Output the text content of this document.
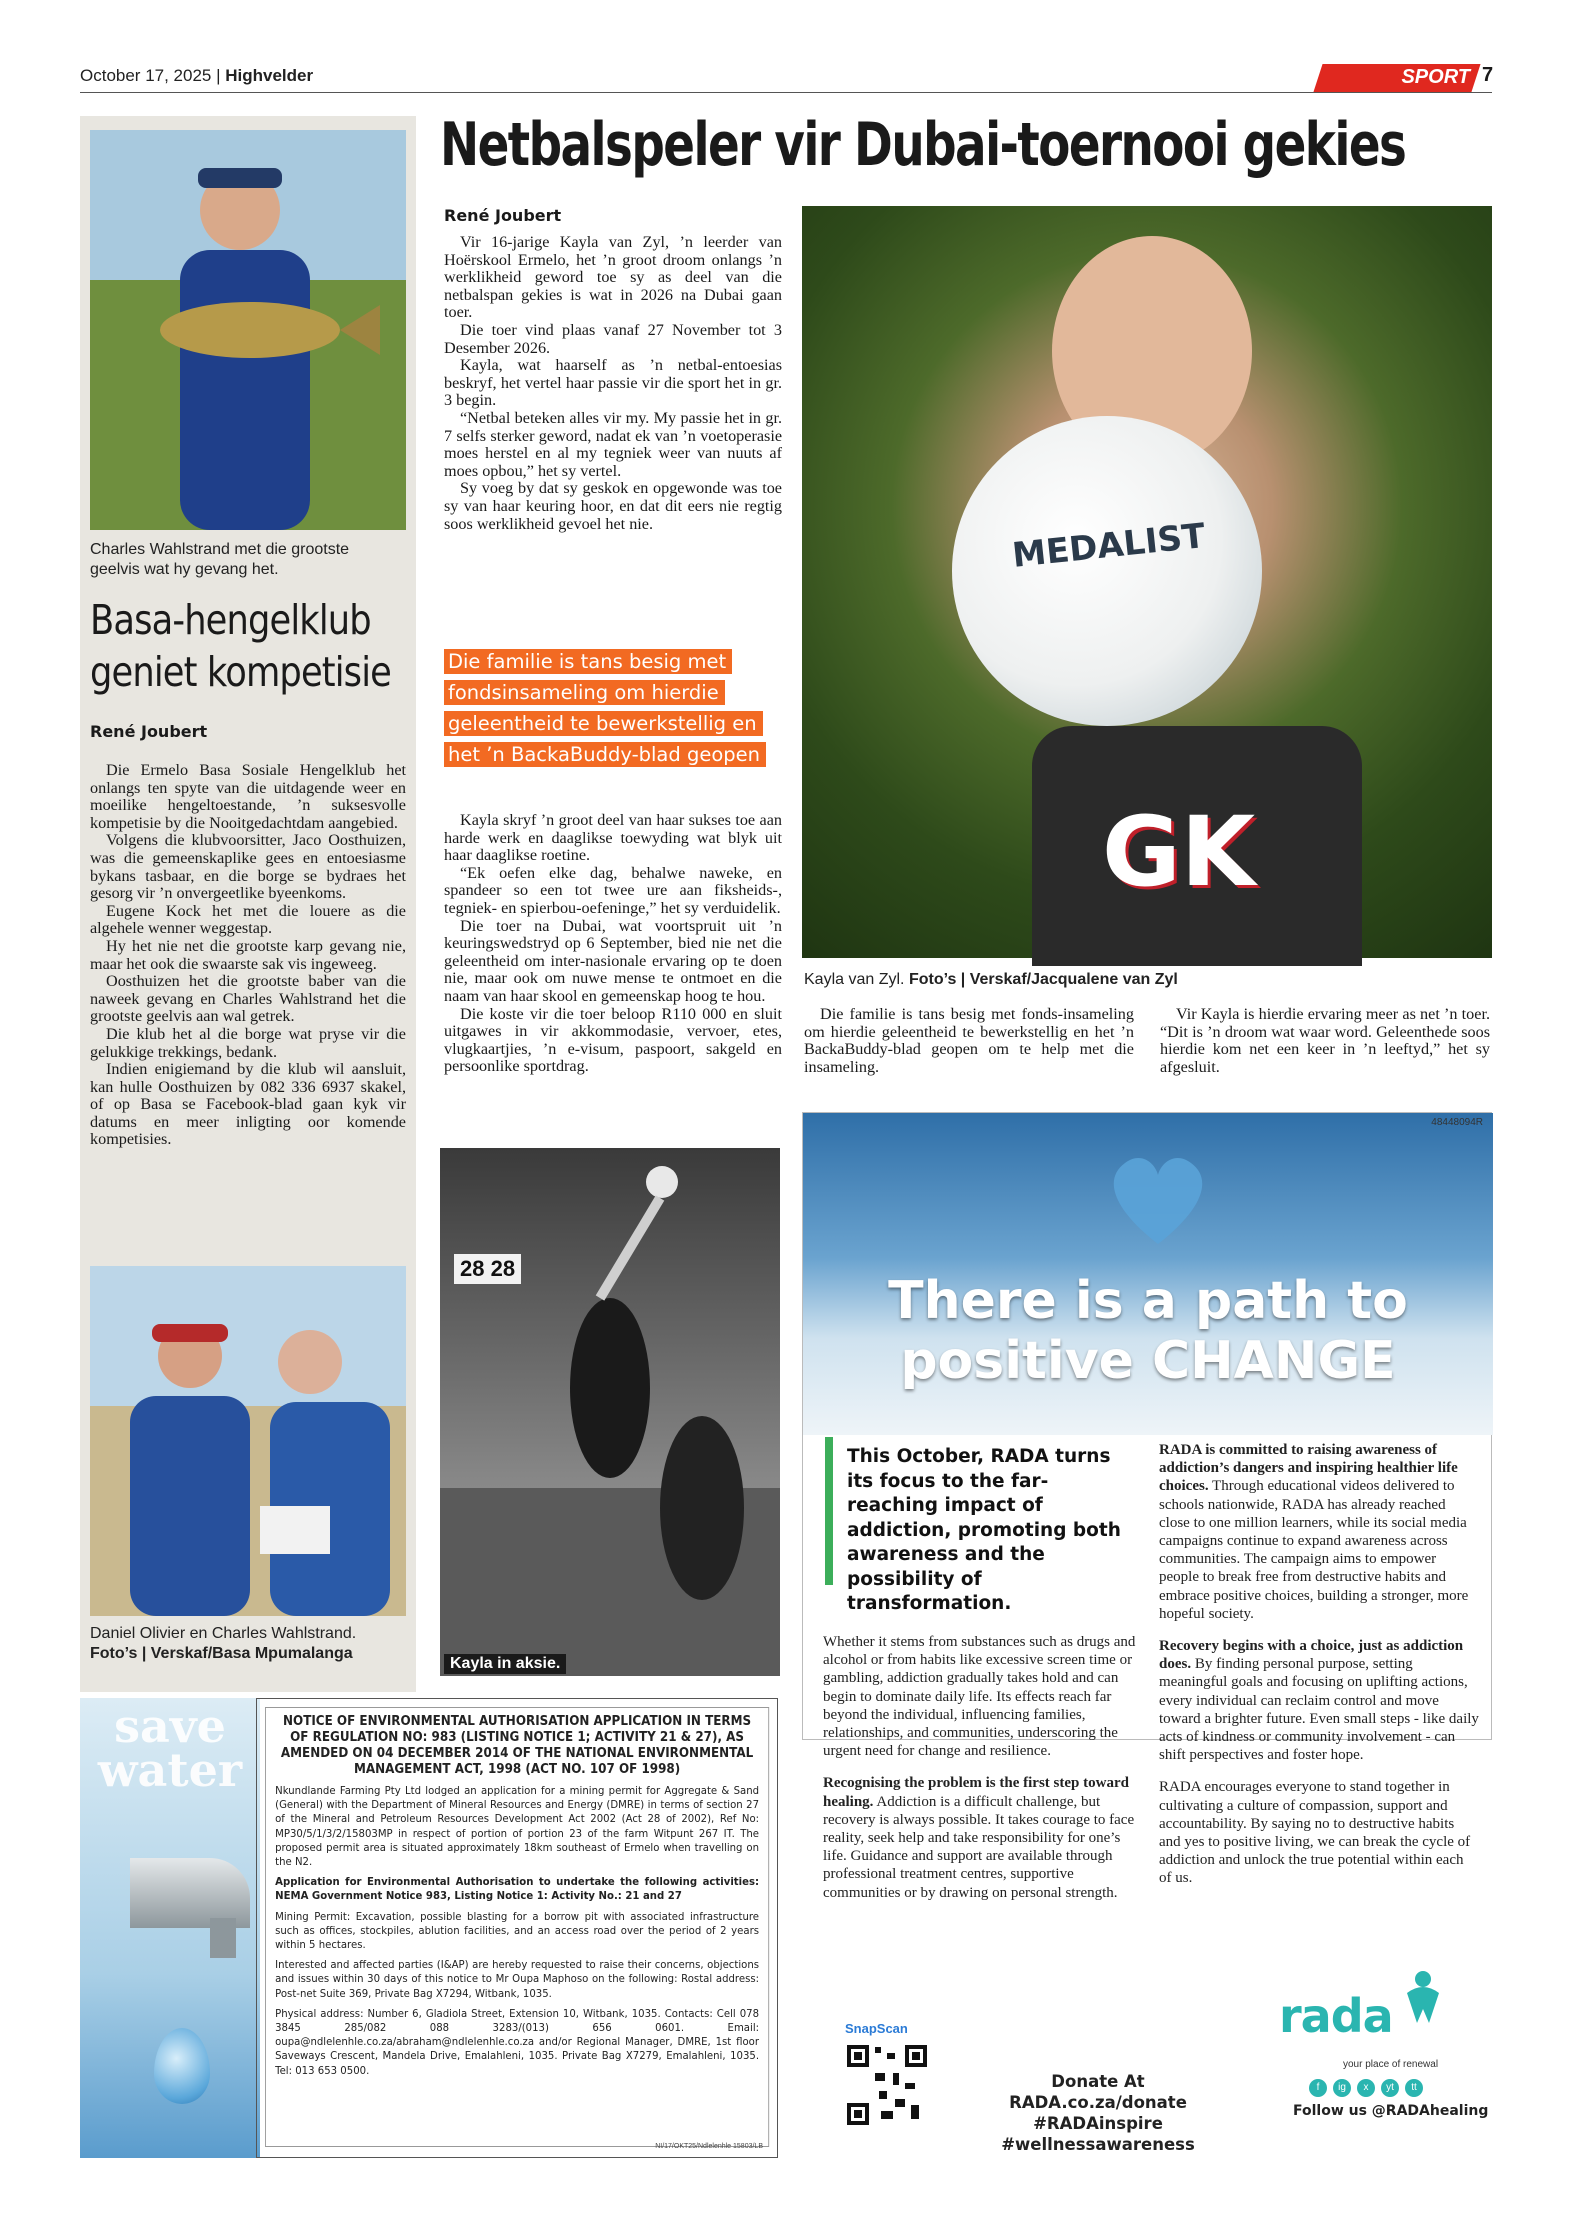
October 17, 2025 | Highvelder	SPORT 7
Charles Wahlstrand met die grootste geelvis wat hy gevang het.
Basa-hengelklub geniet kompetisie
René Joubert

Die Ermelo Basa Sosiale Hengelklub het onlangs ten spyte van die uitdagende weer en moeilike hengeltoestande, ’n suksesvolle kompetisie by die Nooitgedachtdam aangebied.

Volgens die klubvoorsitter, Jaco Oosthuizen, was die gemeenskaplike gees en entoesiasme bykans tasbaar, en die borge se bydraes het gesorg vir ’n onvergeetlike byeenkoms.

Eugene Kock het met die louere as die algehele wenner weggestap.

Hy het nie net die grootste karp gevang nie, maar het ook die swaarste sak vis ingeweeg.

Oosthuizen het die grootste baber van die naweek gevang en Charles Wahlstrand het die grootste geelvis aan wal getrek.

Die klub het al die borge wat pryse vir die gelukkige trekkings, bedank.

Indien enigiemand by die klub wil aansluit, kan hulle Oosthuizen by 082 336 6937 skakel, of op Basa se Facebook-blad gaan kyk vir datums en meer inligting oor komende kompetisies.

Daniel Olivier en Charles Wahlstrand.
Foto’s | Verskaf/Basa Mpumalanga
Netbalspeler vir Dubai-toernooi gekies
René Joubert

Vir 16-jarige Kayla van Zyl, ’n leerder van Hoërskool Ermelo, het ’n groot droom onlangs ’n werklikheid geword toe sy as deel van die netbalspan gekies is wat in 2026 na Dubai gaan toer.

Die toer vind plaas vanaf 27 November tot 3 Desember 2026.

Kayla, wat haarself as ’n netbal-entoesias beskryf, het vertel haar passie vir die sport het in gr. 3 begin.

“Netbal beteken alles vir my. My passie het in gr. 7 selfs sterker geword, nadat ek van ’n voetoperasie moes herstel en al my tegniek weer van nuuts af moes opbou,” het sy vertel.

Sy voeg by dat sy geskok en opgewonde was toe sy van haar keuring hoor, en dat dit eers nie regtig soos werklikheid gevoel het nie.

Die familie is tans besig met fondsinsameling om hierdie geleentheid te bewerkstellig en het ’n BackaBuddy-blad geopen

Kayla skryf ’n groot deel van haar sukses toe aan harde werk en daaglikse toewyding wat blyk uit haar daaglikse roetine.

“Ek oefen elke dag, behalwe naweke, en spandeer so een tot twee ure aan fiksheids-, tegniek- en spierbou-oefeninge,” het sy verduidelik.

Die toer na Dubai, wat voortspruit uit ’n keuringswedstryd op 6 September, bied nie net die geleentheid om inter-nasionale ervaring op te doen nie, maar ook om nuwe mense te ontmoet en die naam van haar skool en gemeenskap hoog te hou.

Die koste vir die toer beloop R110 000 en sluit uitgawes in vir akkommodasie, vervoer, etes, vlugkaartjies, ’n e-visum, paspoort, sakgeld en persoonlike sportdrag.

GK
MEDALIST
Kayla van Zyl. Foto’s | Verskaf/Jacqualene van Zyl

Die familie is tans besig met fonds-insameling om hierdie geleentheid te bewerkstellig en het ’n BackaBuddy-blad geopen om te help met die insameling.

Vir Kayla is hierdie ervaring meer as net ’n toer. “Dit is ’n droom wat waar word. Geleenthede soos hierdie kom net een keer in ’n leeftyd,” het sy afgesluit.

28 28
Kayla in aksie.
48448094R
There is a path to
positive CHANGE
This October, RADA turns its focus to the far-reaching impact of addiction, promoting both awareness and the possibility of transformation.

Whether it stems from substances such as drugs and alcohol or from habits like excessive screen time or gambling, addiction gradually takes hold and can begin to dominate daily life. Its effects reach far beyond the individual, influencing families, relationships, and communities, underscoring the urgent need for change and resilience.

Recognising the problem is the first step toward healing. Addiction is a difficult challenge, but recovery is always possible. It takes courage to face reality, seek help and take responsibility for one’s life. Guidance and support are available through professional treatment centres, supportive communities or by drawing on personal strength.

RADA is committed to raising awareness of addiction’s dangers and inspiring healthier life choices. Through educational videos delivered to schools nationwide, RADA has already reached close to one million learners, while its social media campaigns continue to expand awareness across communities. The campaign aims to empower people to break free from destructive habits and embrace positive choices, building a stronger, more hopeful society.

Recovery begins with a choice, just as addiction does. By finding personal purpose, setting meaningful goals and focusing on uplifting actions, every individual can reclaim control and move toward a brighter future. Even small steps - like daily acts of kindness or community involvement - can shift perspectives and foster hope.

RADA encourages everyone to stand together in cultivating a culture of compassion, support and accountability. By saying no to destructive habits and yes to positive living, we can break the cycle of addiction and unlock the true potential within each of us.

SnapScan
Donate At RADA.co.za/donate
#RADAinspire
#wellnessawareness
rada
your place of renewal
f	ig	x	yt	tt
Follow us @RADAhealing
save
water

NOTICE OF ENVIRONMENTAL AUTHORISATION APPLICATION IN TERMS OF REGULATION NO: 983 (LISTING NOTICE 1; ACTIVITY 21 & 27), AS AMENDED ON 04 DECEMBER 2014 OF THE NATIONAL ENVIRONMENTAL MANAGEMENT ACT, 1998 (ACT NO. 107 OF 1998)

Nkundlande Farming Pty Ltd lodged an application for a mining permit for Aggregate & Sand (General) with the Department of Mineral Resources and Energy (DMRE) in terms of section 27 of the Mineral and Petroleum Resources Development Act 2002 (Act 28 of 2002), Ref No: MP30/5/1/3/2/15803MP in respect of portion of portion 23 of the farm Witpunt 267 IT. The proposed permit area is situated approximately 18km southeast of Ermelo when travelling on the N2.

Application for Environmental Authorisation to undertake the following activities: NEMA Government Notice 983, Listing Notice 1: Activity No.: 21 and 27

Mining Permit: Excavation, possible blasting for a borrow pit with associated infrastructure such as offices, stockpiles, ablution facilities, and an access road over the period of 2 years within 5 hectares.

Interested and affected parties (I&AP) are hereby requested to raise their concerns, objections and issues within 30 days of this notice to Mr Oupa Maphoso on the following: Rostal address: Post-net Suite 369, Private Bag X7294, Witbank, 1035.

Physical address: Number 6, Gladiola Street, Extension 10, Witbank, 1035. Contacts: Cell 078 3845 285/082 088 3283/(013) 656 0601. Email: oupa@ndlelenhle.co.za/abraham@ndlelenhle.co.za and/or Regional Manager, DMRE, 1st floor Saveways Crescent, Mandela Drive, Emalahleni, 1035. Private Bag X7279, Emalahleni, 1035. Tel: 013 653 0500.

NI/17/OKT25/Ndlelenhle 15803/LB
